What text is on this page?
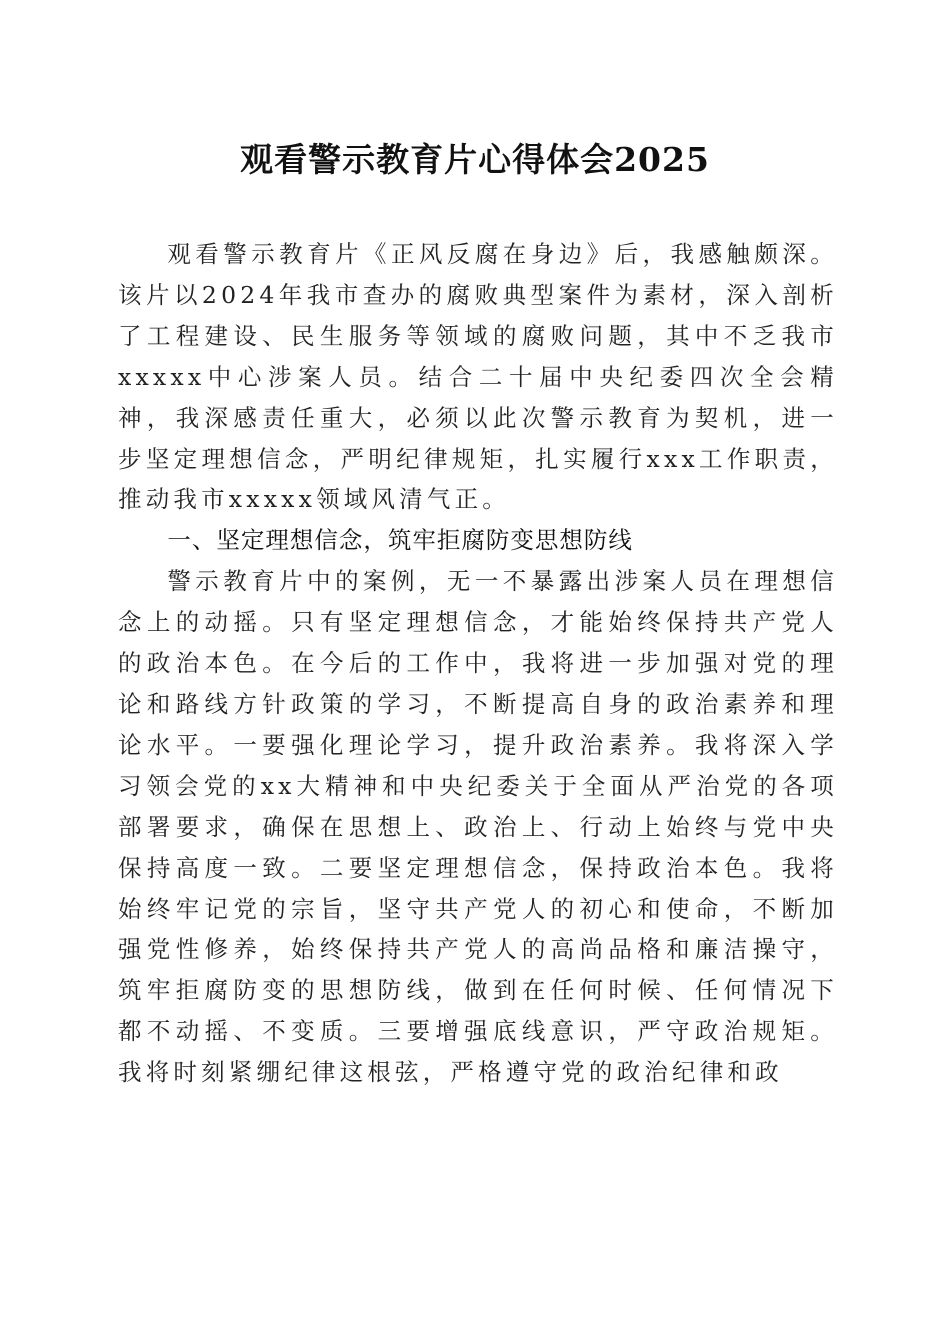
观看警示教育片心得体会2025

观看警示教育片《正风反腐在身边》后，我感触颇深。该片以2024年我市查办的腐败典型案件为素材，深入剖析了工程建设、民生服务等领域的腐败问题，其中不乏我市xxxxx中心涉案人员。结合二十届中央纪委四次全会精神，我深感责任重大，必须以此次警示教育为契机，进一步坚定理想信念，严明纪律规矩，扎实履行xxx工作职责，推动我市xxxxx领域风清气正。

一、坚定理想信念，筑牢拒腐防变思想防线

警示教育片中的案例，无一不暴露出涉案人员在理想信念上的动摇。只有坚定理想信念，才能始终保持共产党人的政治本色。在今后的工作中，我将进一步加强对党的理论和路线方针政策的学习，不断提高自身的政治素养和理论水平。一要强化理论学习，提升政治素养。我将深入学习领会党的xx大精神和中央纪委关于全面从严治党的各项部署要求，确保在思想上、政治上、行动上始终与党中央保持高度一致。二要坚定理想信念，保持政治本色。我将始终牢记党的宗旨，坚守共产党人的初心和使命，不断加强党性修养，始终保持共产党人的高尚品格和廉洁操守，筑牢拒腐防变的思想防线，做到在任何时候、任何情况下都不动摇、不变质。三要增强底线意识，严守政治规矩。我将时刻紧绷纪律这根弦，严格遵守党的政治纪律和政
